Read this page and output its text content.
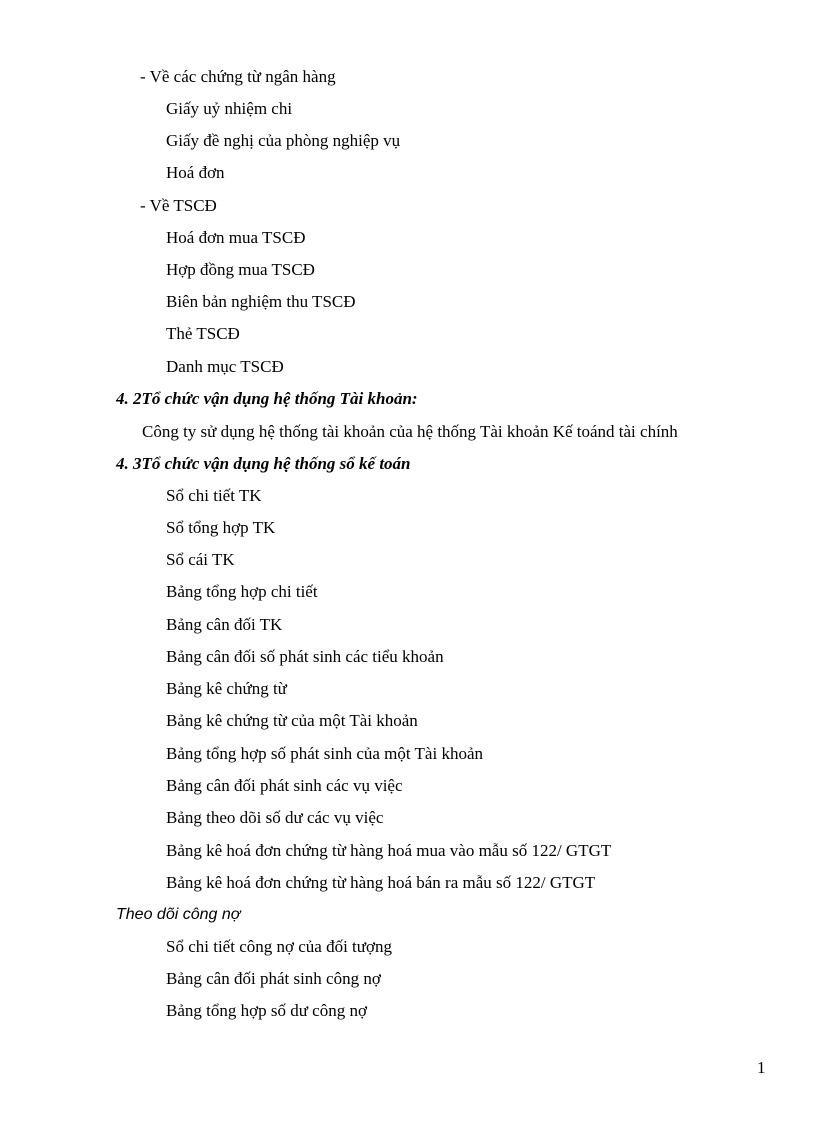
- Về các chứng từ ngân hàng
Giấy uỷ nhiệm chi
Giấy đề nghị của phòng nghiệp vụ
Hoá đơn
- Về TSCĐ
Hoá đơn mua TSCĐ
Hợp đồng mua TSCĐ
Biên bản nghiệm thu TSCĐ
Thẻ TSCĐ
Danh mục TSCĐ
4. 2Tổ chức vận dụng hệ thống Tài khoản:
Công ty sử dụng hệ thống tài khoản của hệ thống Tài khoản Kế toánd tài chính
4. 3Tổ chức vận dụng hệ thống sổ kế toán
Sổ chi tiết TK
Sổ tổng hợp TK
Sổ cái TK
Bảng tổng hợp chi tiết
Bảng cân đối TK
Bảng cân đối số phát sinh các tiểu khoản
Bảng kê chứng từ
Bảng kê chứng từ của một Tài khoản
Bảng tổng hợp số phát sinh của một Tài khoản
Bảng cân đối phát sinh các vụ việc
Bảng theo dõi số dư các vụ việc
Bảng kê hoá đơn chứng từ hàng hoá mua vào mẫu số 122/ GTGT
Bảng kê hoá đơn chứng từ hàng hoá bán ra mẫu số 122/ GTGT
Theo dõi công nợ
Sổ chi tiết công nợ của đối tượng
Bảng cân đối phát sinh công nợ
Bảng tổng hợp số dư công nợ
1
